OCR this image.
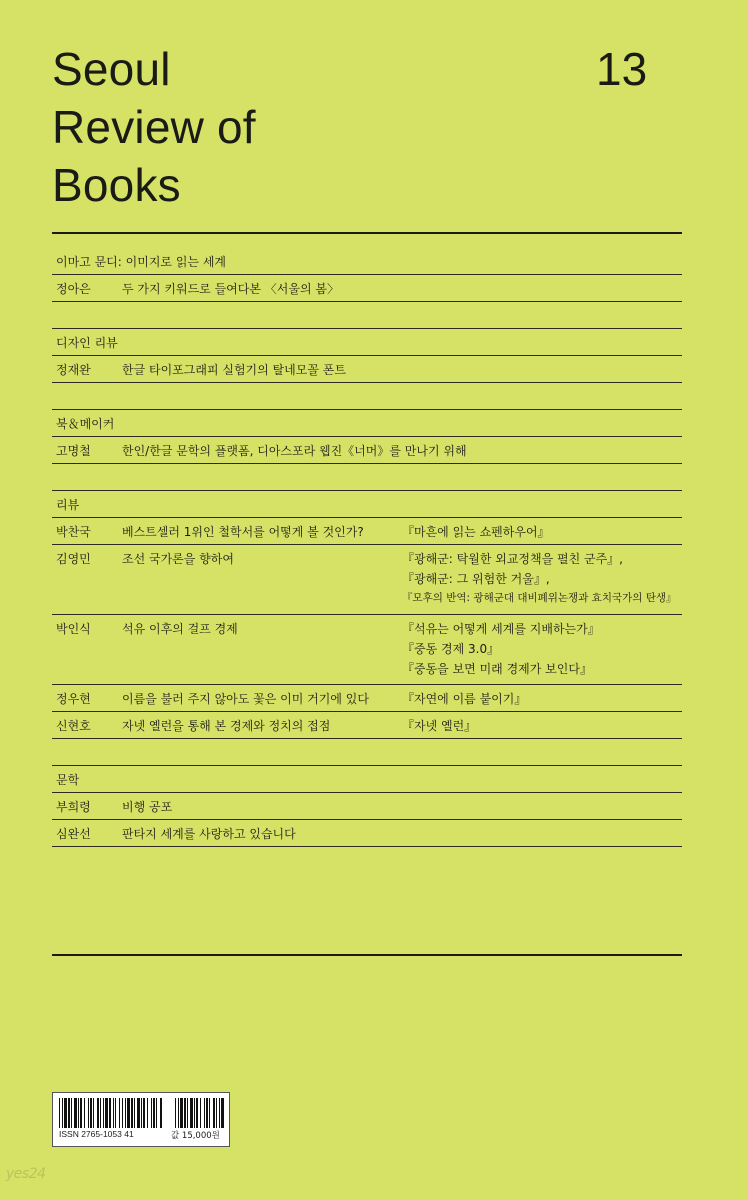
Seoul
Review of
Books
13
이마고 문디: 이미지로 읽는 세계
정아은	두 가지 키워드로 들여다본 〈서울의 봄〉
디자인 리뷰
정재완	한글 타이포그래피 실험기의 탈네모꼴 폰트
북＆메이커
고명철	한인/한글 문학의 플랫폼, 디아스포라 웹진《너머》를 만나기 위해
리뷰
박찬국	베스트셀러 1위인 철학서를 어떻게 볼 것인가?	『마흔에 읽는 쇼펜하우어』
김영민	조선 국가론을 향하여	『광해군: 탁월한 외교정책을 펼친 군주』,
『광해군: 그 위험한 거울』,
『모후의 반역: 광해군대 대비폐위논쟁과 효치국가의 탄생』
박인식	석유 이후의 걸프 경제	『석유는 어떻게 세계를 지배하는가』
『중동 경제 3.0』
『중동을 보면 미래 경제가 보인다』
정우현	이름을 불러 주지 않아도 꽃은 이미 거기에 있다	『자연에 이름 붙이기』
신현호	자넷 옐런을 통해 본 경제와 정치의 접점	『자넷 옐런』
문학
부희령	비행 공포
심완선	판타지 세계를 사랑하고 있습니다
ISSN 2765-1053 41	값 15,000원
yes24
